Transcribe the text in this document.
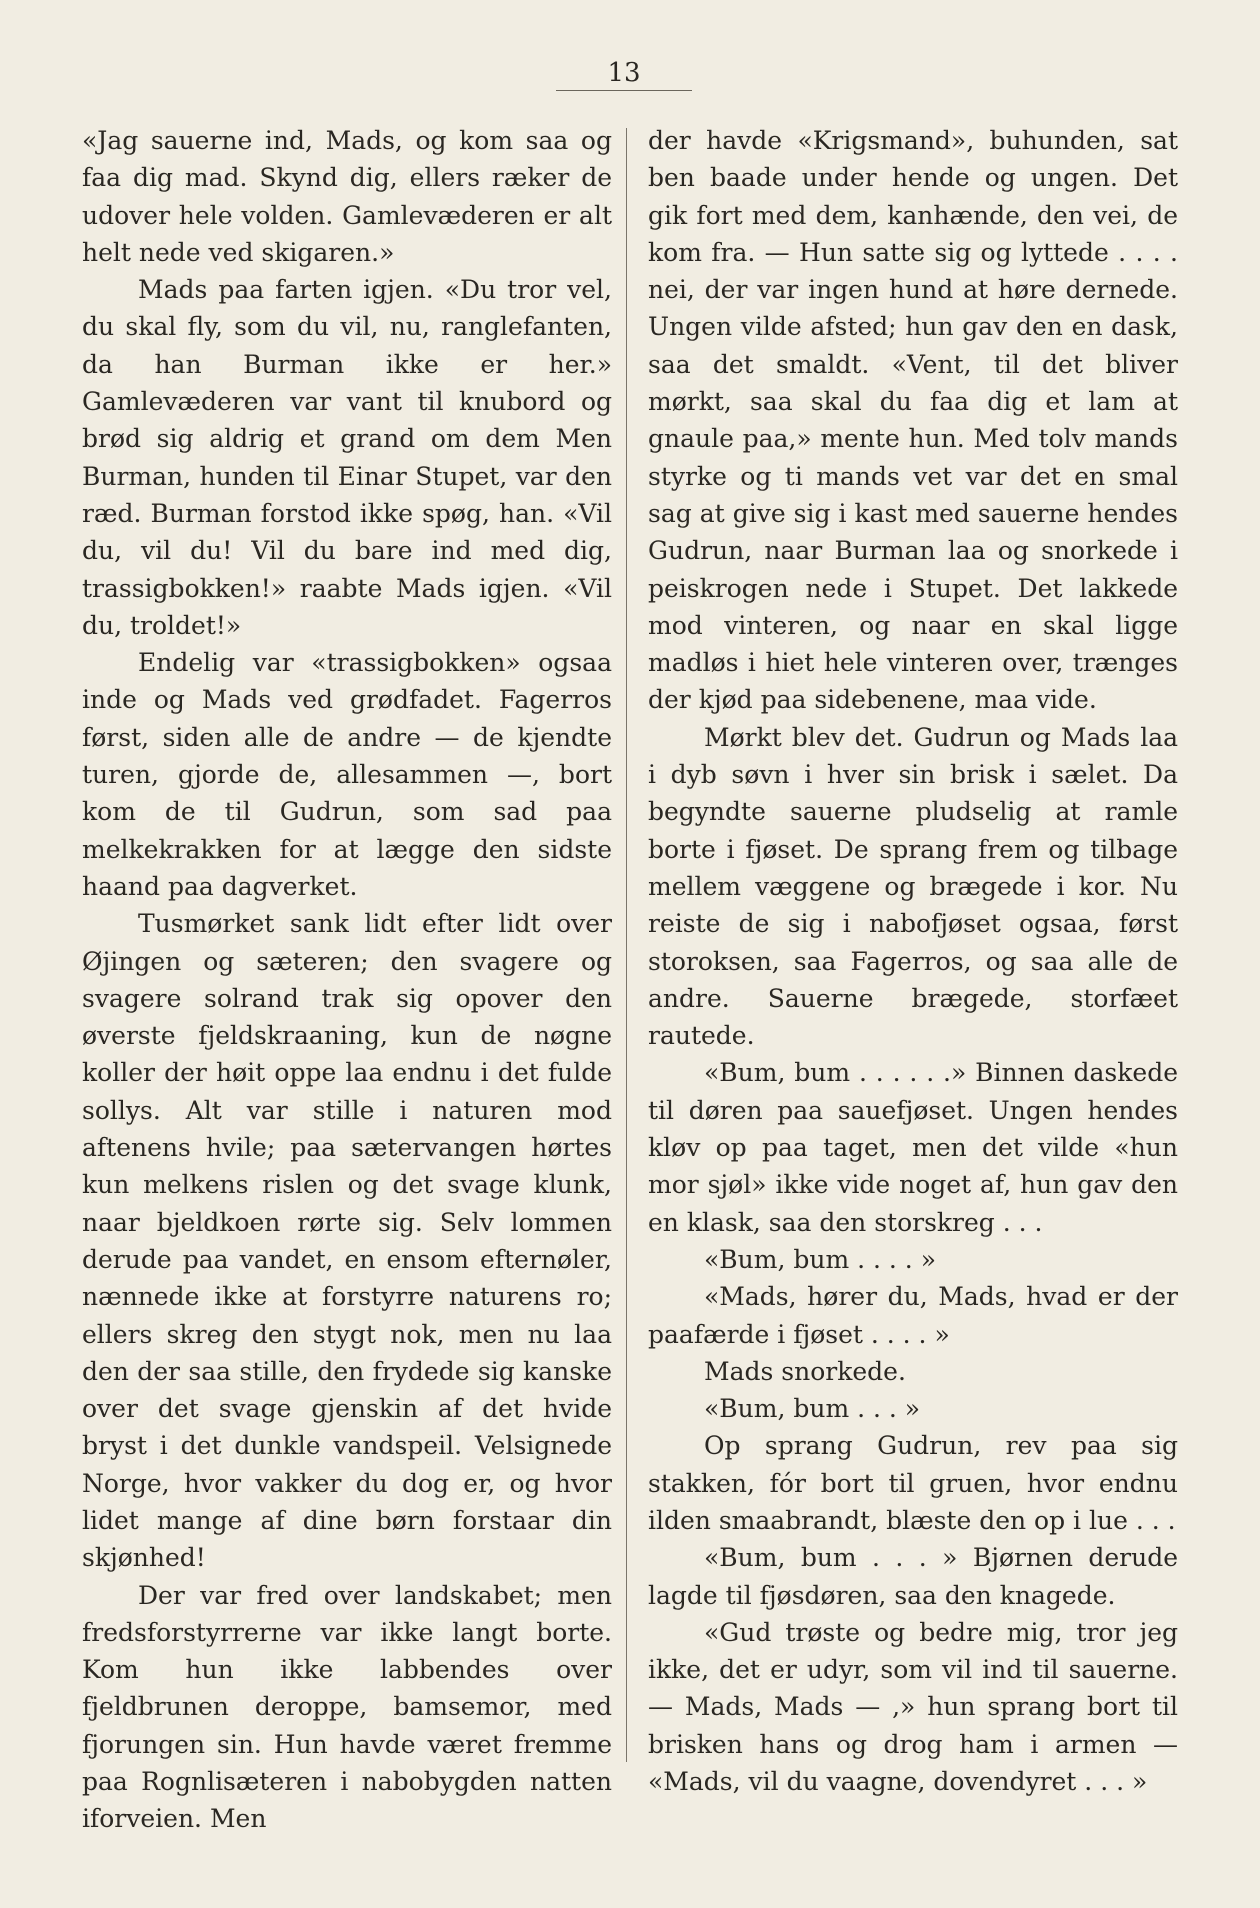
13

«Jag sauerne ind, Mads, og kom saa og faa dig mad. Skynd dig, ellers ræker de udover hele volden. Gamlevæderen er alt helt nede ved skigaren.»

Mads paa farten igjen. «Du tror vel, du skal fly, som du vil, nu, ranglefanten, da han Burman ikke er her.» Gamlevæderen var vant til knubord og brød sig aldrig et grand om dem Men Burman, hunden til Einar Stupet, var den ræd. Burman forstod ikke spøg, han. «Vil du, vil du! Vil du bare ind med dig, trassigbokken!» raabte Mads igjen. «Vil du, troldet!»

Endelig var «trassigbokken» ogsaa inde og Mads ved grødfadet. Fagerros først, siden alle de andre — de kjendte turen, gjorde de, allesammen —, bort kom de til Gudrun, som sad paa melkekrakken for at lægge den sidste haand paa dagverket.

Tusmørket sank lidt efter lidt over Øjingen og sæteren; den svagere og svagere solrand trak sig opover den øverste fjeldskraaning, kun de nøgne koller der høit oppe laa endnu i det fulde sollys. Alt var stille i naturen mod aftenens hvile; paa sætervangen hørtes kun melkens rislen og det svage klunk, naar bjeldkoen rørte sig. Selv lommen derude paa vandet, en ensom efternøler, nænnede ikke at forstyrre naturens ro; ellers skreg den stygt nok, men nu laa den der saa stille, den frydede sig kanske over det svage gjenskin af det hvide bryst i det dunkle vandspeil. Velsignede Norge, hvor vakker du dog er, og hvor lidet mange af dine børn forstaar din skjønhed!

Der var fred over landskabet; men fredsforstyrrerne var ikke langt borte. Kom hun ikke labbendes over fjeldbrunen deroppe, bamsemor, med fjorungen sin. Hun havde været fremme paa Rognlisæteren i nabobygden natten iforveien. Men

der havde «Krigsmand», buhunden, sat ben baade under hende og ungen. Det gik fort med dem, kanhænde, den vei, de kom fra. — Hun satte sig og lyttede . . . . nei, der var ingen hund at høre dernede. Ungen vilde afsted; hun gav den en dask, saa det smaldt. «Vent, til det bliver mørkt, saa skal du faa dig et lam at gnaule paa,» mente hun. Med tolv mands styrke og ti mands vet var det en smal sag at give sig i kast med sauerne hendes Gudrun, naar Burman laa og snorkede i peiskrogen nede i Stupet. Det lakkede mod vinteren, og naar en skal ligge madløs i hiet hele vinteren over, trænges der kjød paa sidebenene, maa vide.

Mørkt blev det. Gudrun og Mads laa i dyb søvn i hver sin brisk i sælet. Da begyndte sauerne pludselig at ramle borte i fjøset. De sprang frem og tilbage mellem væggene og brægede i kor. Nu reiste de sig i nabofjøset ogsaa, først storoksen, saa Fagerros, og saa alle de andre. Sauerne brægede, storfæet rautede.

«Bum, bum . . . . . .» Binnen daskede til døren paa sauefjøset. Ungen hendes kløv op paa taget, men det vilde «hun mor sjøl» ikke vide noget af, hun gav den en klask, saa den storskreg . . .

«Bum, bum . . . . »

«Mads, hører du, Mads, hvad er der paafærde i fjøset . . . . »

Mads snorkede.

«Bum, bum . . . »

Op sprang Gudrun, rev paa sig stakken, fór bort til gruen, hvor endnu ilden smaabrandt, blæste den op i lue . . .

«Bum, bum . . . » Bjørnen derude lagde til fjøsdøren, saa den knagede.

«Gud trøste og bedre mig, tror jeg ikke, det er udyr, som vil ind til sauerne. — Mads, Mads — ,» hun sprang bort til brisken hans og drog ham i armen — «Mads, vil du vaagne, dovendyret . . . »
